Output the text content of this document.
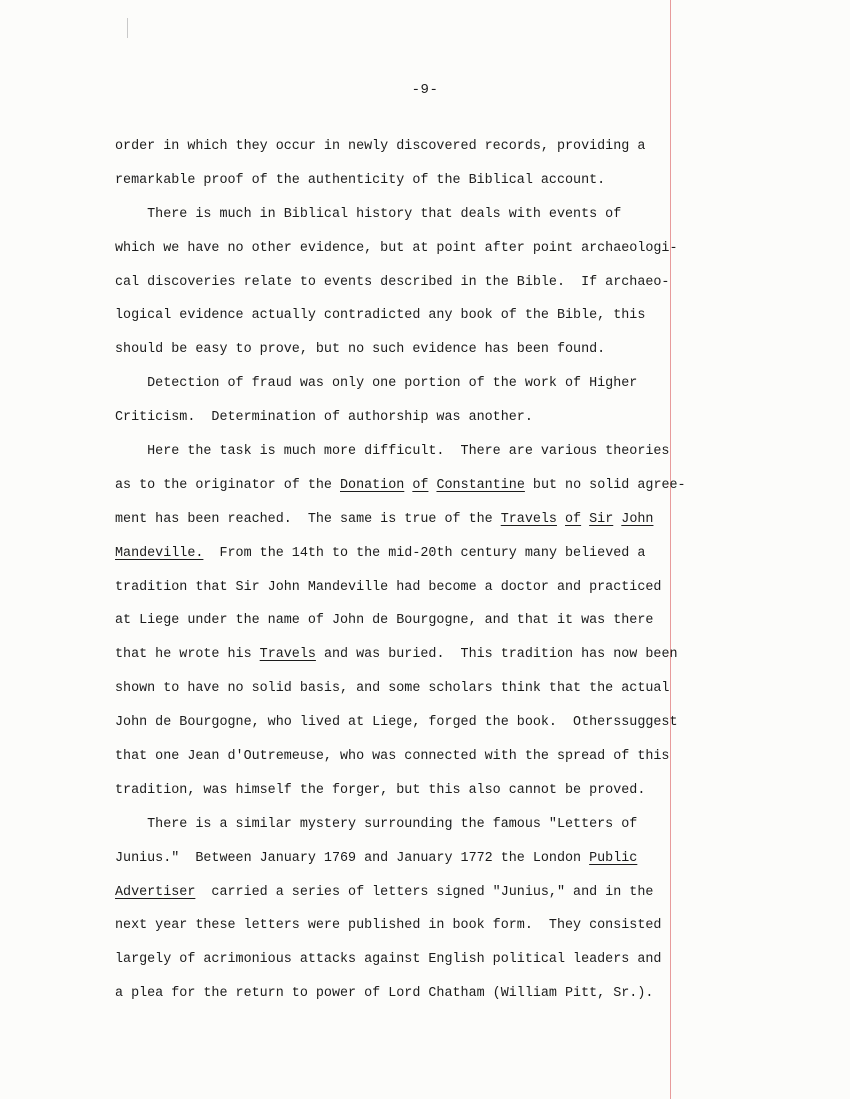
-9-
order in which they occur in newly discovered records, providing a
remarkable proof of the authenticity of the Biblical account.
There is much in Biblical history that deals with events of
which we have no other evidence, but at point after point archaeologi-
cal discoveries relate to events described in the Bible.  If archaeo-
logical evidence actually contradicted any book of the Bible, this
should be easy to prove, but no such evidence has been found.
Detection of fraud was only one portion of the work of Higher
Criticism.  Determination of authorship was another.
Here the task is much more difficult.  There are various theories
as to the originator of the Donation of Constantine but no solid agree-
ment has been reached.  The same is true of the Travels of Sir John
Mandeville.  From the 14th to the mid-20th century many believed a
tradition that Sir John Mandeville had become a doctor and practiced
at Liege under the name of John de Bourgogne, and that it was there
that he wrote his Travels and was buried.  This tradition has now been
shown to have no solid basis, and some scholars think that the actual
John de Bourgogne, who lived at Liege, forged the book.  Otherssuggest
that one Jean d'Outremeuse, who was connected with the spread of this
tradition, was himself the forger, but this also cannot be proved.
There is a similar mystery surrounding the famous "Letters of
Junius."  Between January 1769 and January 1772 the London Public
Advertiser  carried a series of letters signed "Junius," and in the
next year these letters were published in book form.  They consisted
largely of acrimonious attacks against English political leaders and
a plea for the return to power of Lord Chatham (William Pitt, Sr.).
